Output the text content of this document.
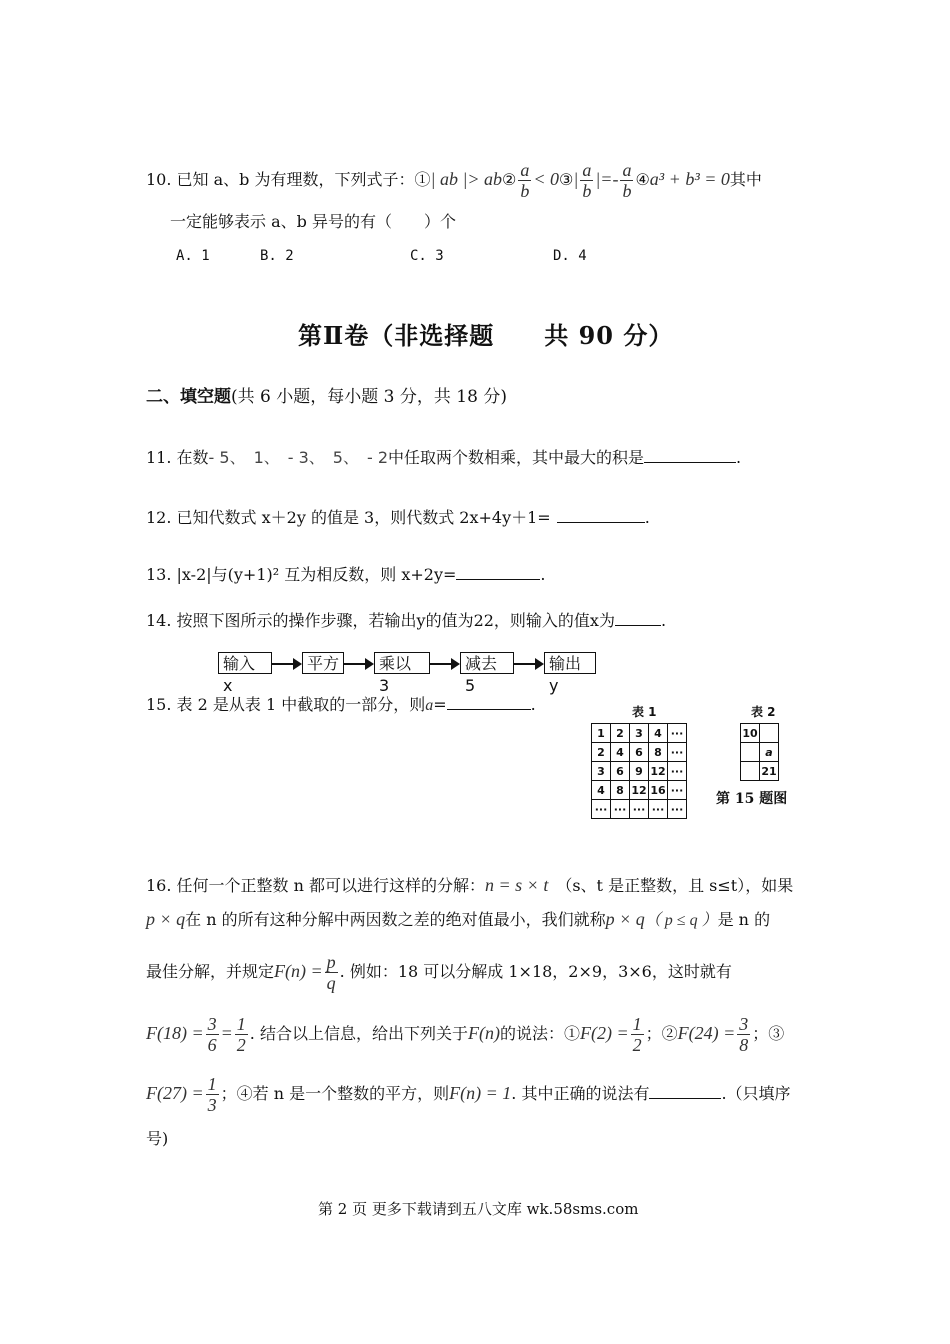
10. 已知 a、b 为有理数，下列式子：①| ab |> ab② $\frac{a}{b}$ < 0③| $\frac{a}{b}$ |=- $\frac{a}{b}$ ④a³ + b³ = 0其中
一定能够表示 a、b 异号的有（　　）个
A. 1	B. 2	C. 3	D. 4
第Ⅱ卷（非选择题　　共 90 分）
二、填空题(共 6 小题，每小题 3 分，共 18 分)
11. 在数- 5、　1、　- 3、　5、　- 2中任取两个数相乘，其中最大的积是	.
12. 已知代数式 x＋2y 的值是 3，则代数式 2x+4y＋1=	.
13. |x-2|与(y+1)² 互为相反数，则 x+2y=	.
14. 按照下图所示的操作步骤，若输出y的值为22，则输入的值x为	.
输入 x
平方	乘以 3
减去 5
输出 y
15. 表 2 是从表 1 中截取的一部分，则a=	.	表 1
1	2	3	4	···
2	4	6	8	···
3	6	9	12	···
4	8	12	16	···
···	···	···	···	···
表 2
10	
	a
	21
第 15 题图
16. 任何一个正整数 n 都可以进行这样的分解：n = s × t　 （s、t 是正整数，且 s≤t），如果
p × q在 n 的所有这种分解中两因数之差的绝对值最小，我们就称p × q（ p ≤ q ）是 n 的
最佳分解，并规定$F(n) = \frac{p}{q}$ . 例如：18 可以分解成 1×18，2×9，3×6，这时就有
$F(18) = \frac{3}{6} = \frac{1}{2}$ . 结合以上信息，给出下列关于F(n)的说法：①F(2) = $\frac{1}{2}$ ；②F(24) = $\frac{3}{8}$ ；③
$F(27) = \frac{1}{3}$ ；④若 n 是一个整数的平方，则F(n) = 1. 其中正确的说法有	.（只填序
号)
第 2 页 更多下载请到五八文库 wk.58sms.com
